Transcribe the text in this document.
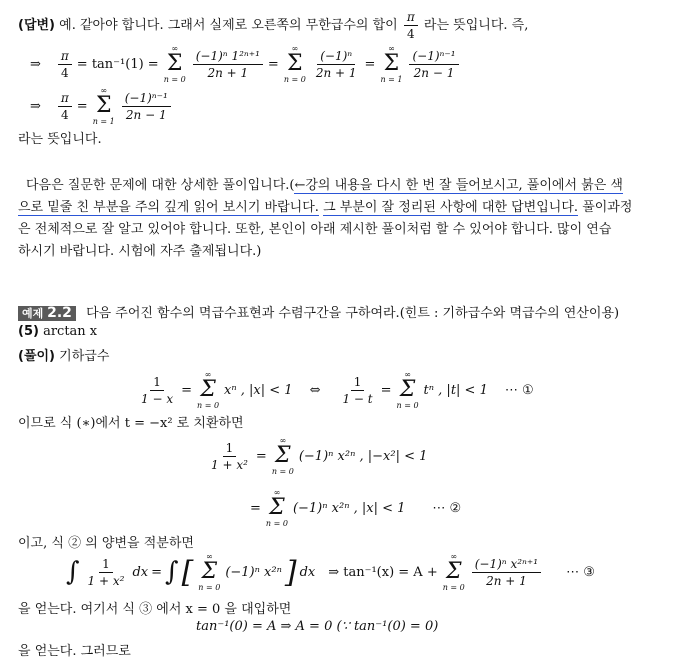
(답변) 예. 같아야 합니다. 그래서 실제로 오른쪽의 무한급수의 합이 $\frac{\pi}{4}$ 라는 뜻입니다. 즉,
⇒ $\frac{\pi}{4} = \tan^{-1}(1)$ =
∞
Σ
$n = 0 \frac{\text{(−1)ⁿ 1²ⁿ⁺¹}}{2n + 1}$ =
∞
Σ
$n = 0 \frac{\text{(−1)ⁿ}}{2n + 1}$ =
∞
Σ
$n = 1 \frac{\text{(−1)ⁿ⁻¹}}{2n - 1}$
⇒ $\frac{\pi}{4}$ =
∞
Σ
$n = 1 \frac{\text{(−1)ⁿ⁻¹}}{2n - 1}$
라는 뜻입니다.
다음은 질문한 문제에 대한 상세한 풀이입니다.(←강의 내용을 다시 한 번 잘 들어보시고, 풀이에서 붉은 색
으로 밑줄 친 부분을 주의 깊게 읽어 보시기 바랍니다. 그 부분이 잘 정리된 사항에 대한 답변입니다. 풀이과정
은 전체적으로 잘 알고 있어야 합니다. 또한, 본인이 아래 제시한 풀이처럼 할 수 있어야 합니다. 많이 연습
하시기 바랍니다. 시험에 자주 출제됩니다.)
예제 2.2 다음 주어진 함수의 멱급수표현과 수렴구간을 구하여라.(힌트 : 기하급수와 멱급수의 연산이용)
(5) arctan x
(풀이) 기하급수
$\frac{1}{1 - x}$ =
∞
Σ
n = 0
xⁿ , |x| < 1 ⇔ $\frac{1}{1 - t}$ =
∞
Σ
n = 0
tⁿ , |t| < 1 ⋯ ①
이므로 식 (∗)에서 t = −x² 로 치환하면
$\frac{1}{\text{1 + x²}}$ =
∞
Σ
n = 0
(−1)ⁿ x²ⁿ , |−x²| < 1
=
∞
Σ
n = 0
(−1)ⁿ x²ⁿ , |x| < 1 ⋯ ②
이고, 식 ② 의 양변을 적분하면
∫ $\frac{1}{\text{1 + x²}}$ dx = ∫ [ ∞
Σ
n = 0
(−1)ⁿ x²ⁿ ] dx ⇒ tan⁻¹(x) = A +
∞
Σ
$n = 0 \frac{\text{(−1)ⁿ x²ⁿ⁺¹}}{2n + 1}$ ⋯ ③
을 얻는다. 여기서 식 ③ 에서 x = 0 을 대입하면
tan⁻¹(0) = A ⇒ A = 0 (∵ tan⁻¹(0) = 0)
을 얻는다. 그러므로
